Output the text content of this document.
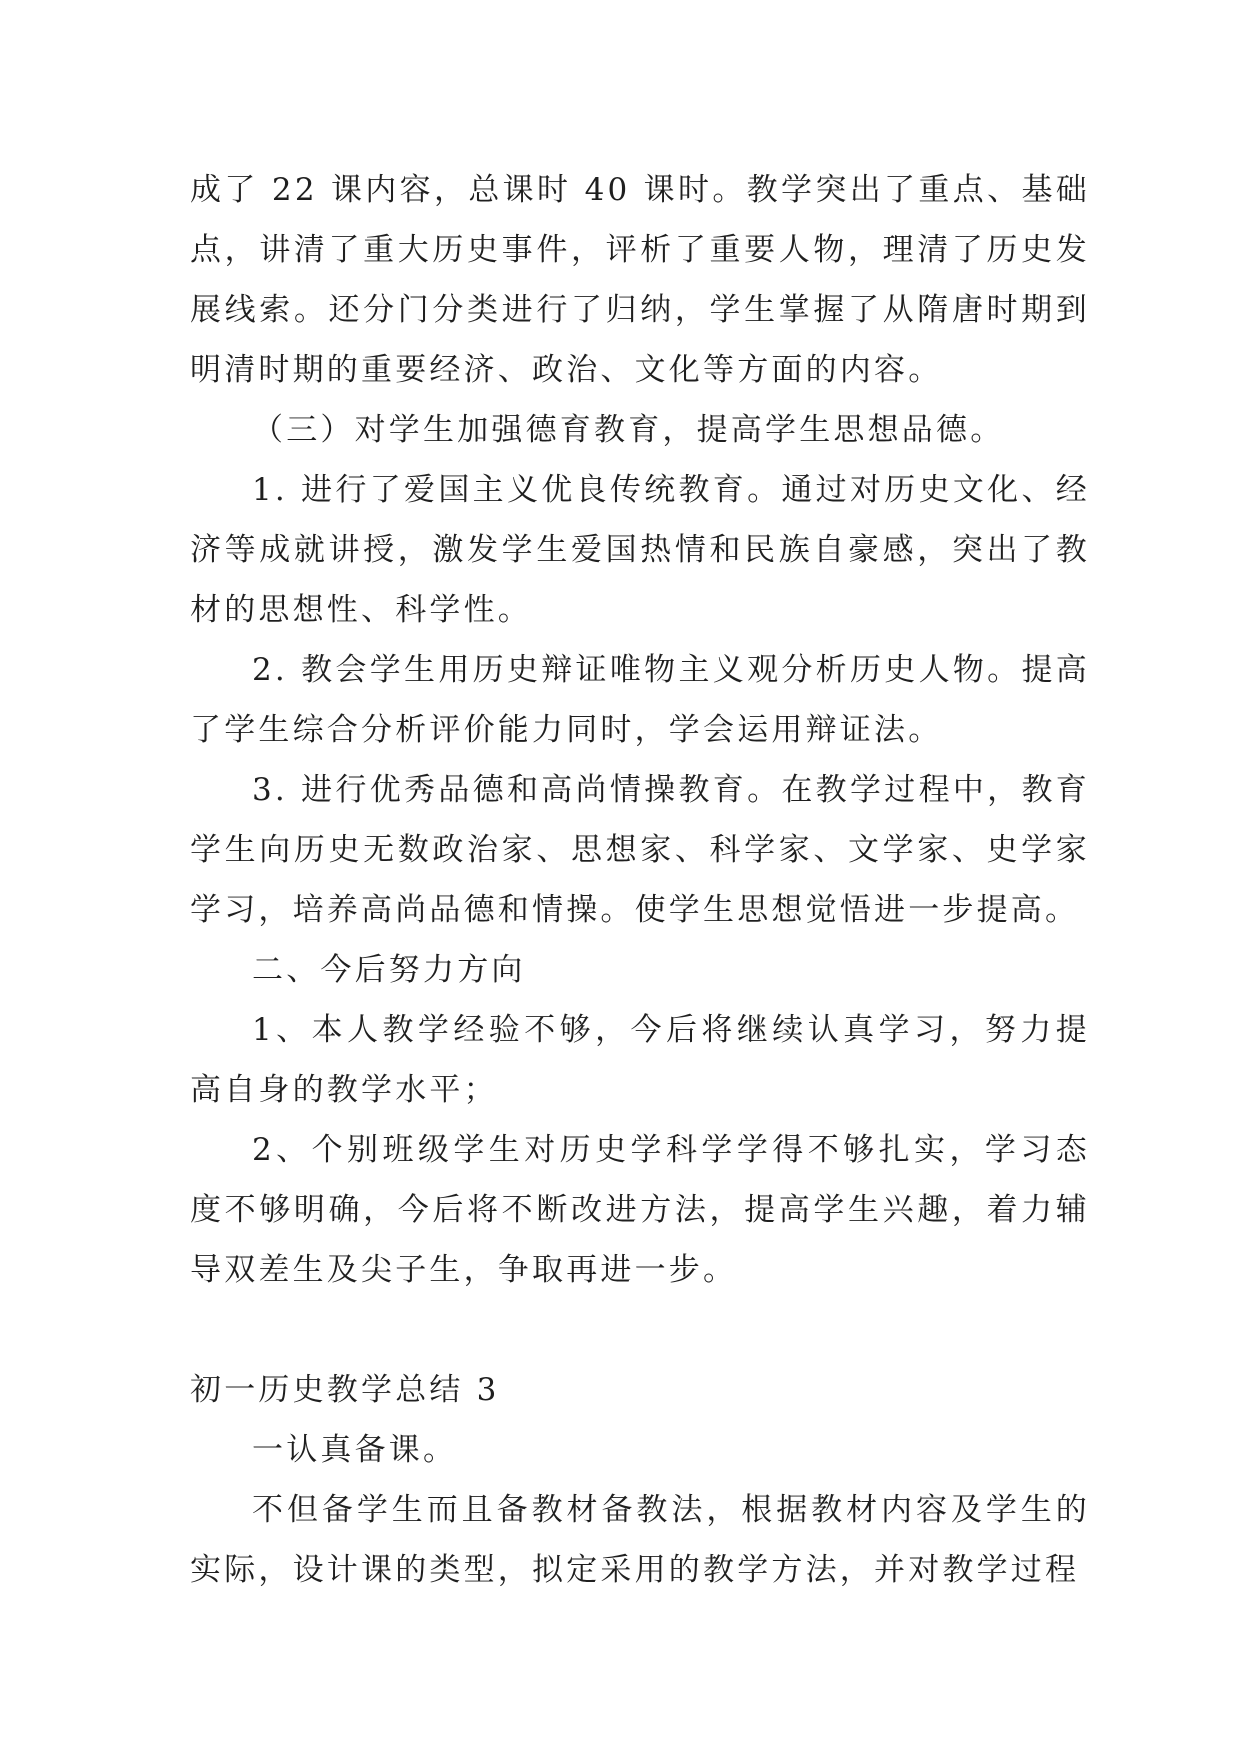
成了 22 课内容，总课时 40 课时。教学突出了重点、基础点，讲清了重大历史事件，评析了重要人物，理清了历史发展线索。还分门分类进行了归纳，学生掌握了从隋唐时期到明清时期的重要经济、政治、文化等方面的内容。

（三）对学生加强德育教育，提高学生思想品德。

1. 进行了爱国主义优良传统教育。通过对历史文化、经济等成就讲授，激发学生爱国热情和民族自豪感，突出了教材的思想性、科学性。

2. 教会学生用历史辩证唯物主义观分析历史人物。提高了学生综合分析评价能力同时，学会运用辩证法。

3. 进行优秀品德和高尚情操教育。在教学过程中，教育学生向历史无数政治家、思想家、科学家、文学家、史学家学习，培养高尚品德和情操。使学生思想觉悟进一步提高。

二、今后努力方向

1、本人教学经验不够，今后将继续认真学习，努力提高自身的教学水平；

2、个别班级学生对历史学科学学得不够扎实，学习态度不够明确，今后将不断改进方法，提高学生兴趣，着力辅导双差生及尖子生，争取再进一步。

初一历史教学总结 3

一认真备课。

不但备学生而且备教材备教法，根据教材内容及学生的实际，设计课的类型，拟定采用的教学方法，并对教学过程
